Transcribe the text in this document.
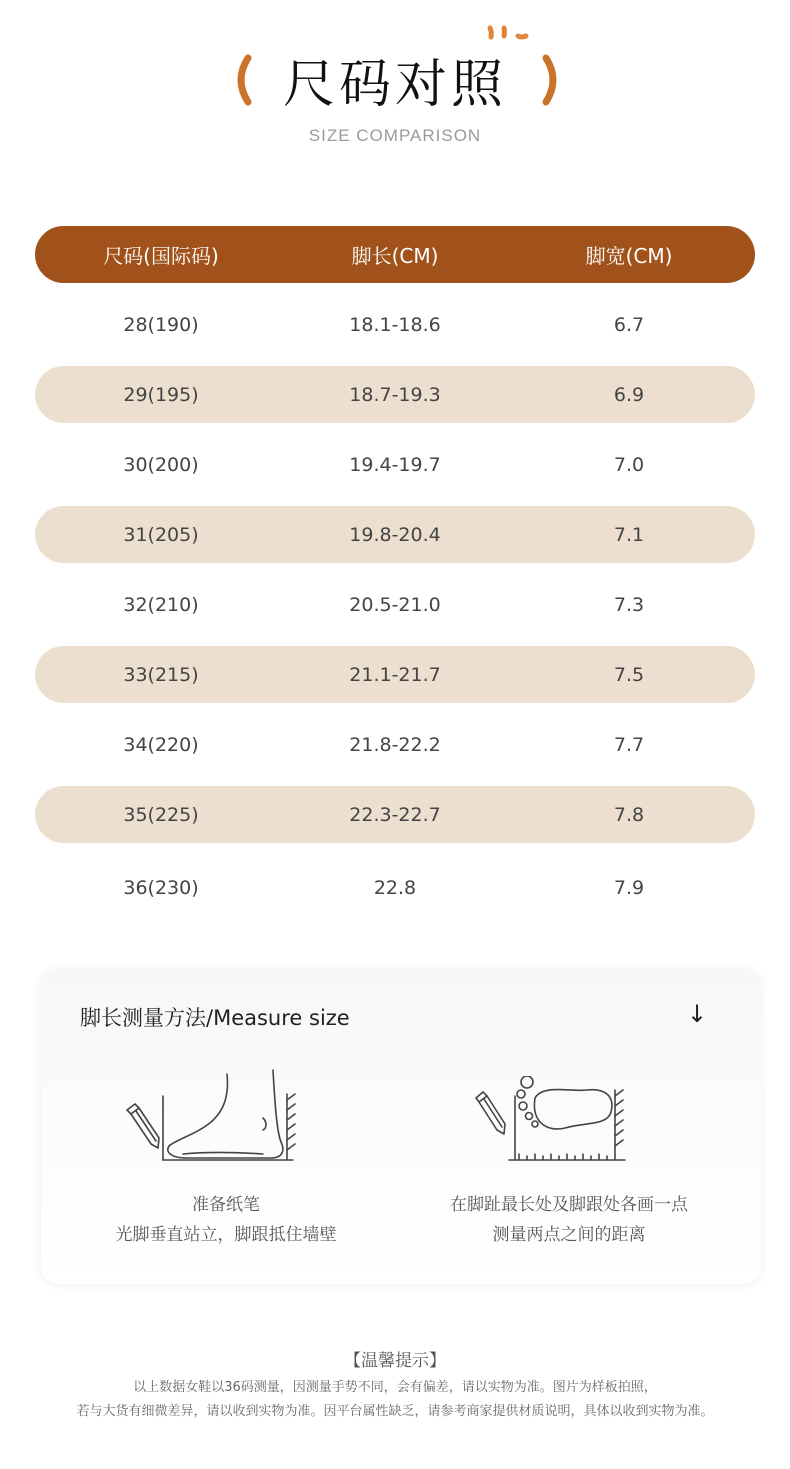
尺码对照
SIZE COMPARISON
尺码(国际码)	脚长(CM)	脚宽(CM)
28(190)	18.1-18.6	6.7
29(195)	18.7-19.3	6.9
30(200)	19.4-19.7	7.0
31(205)	19.8-20.4	7.1
32(210)	20.5-21.0	7.3
33(215)	21.1-21.7	7.5
34(220)	21.8-22.2	7.7
35(225)	22.3-22.7	7.8
36(230)	22.8	7.9
脚长测量方法/Measure size	↓
准备纸笔
光脚垂直站立，脚跟抵住墙壁
在脚趾最长处及脚跟处各画一点
测量两点之间的距离
【温馨提示】
以上数据女鞋以36码测量，因测量手势不同，会有偏差，请以实物为准。图片为样板拍照，
若与大货有细微差异，请以收到实物为准。因平台属性缺乏，请参考商家提供材质说明，具体以收到实物为准。
